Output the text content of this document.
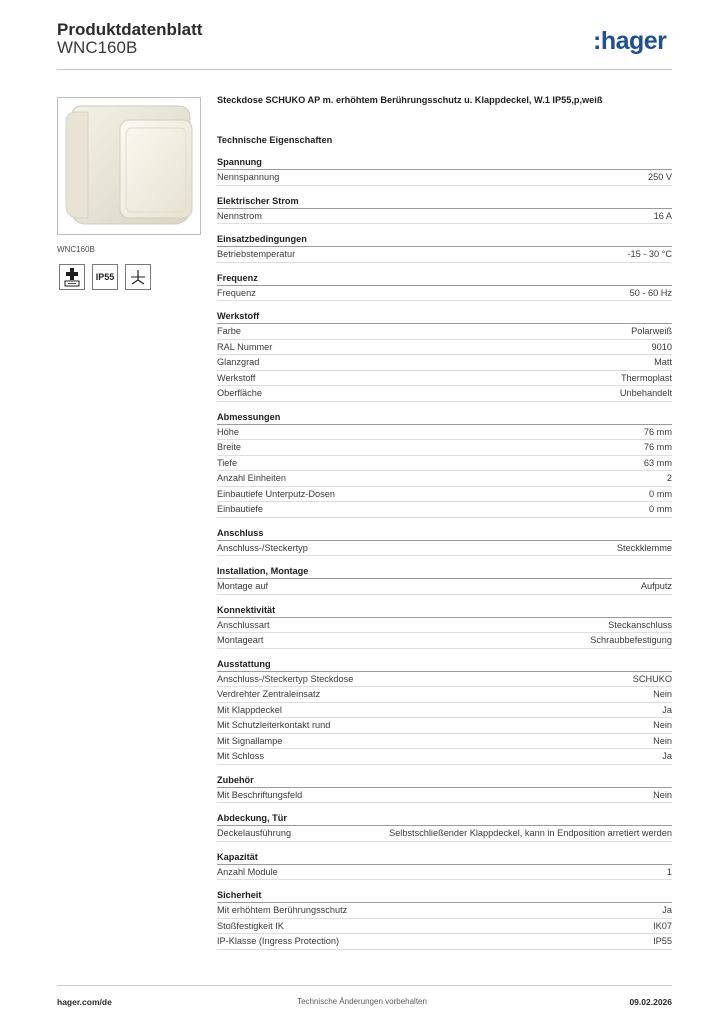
Produktdatenblatt
WNC160B	:hager
WNC160B
IP55
Steckdose SCHUKO AP m. erhöhtem Berührungsschutz u. Klappdeckel, W.1 IP55,p,weiß
Technische Eigenschaften
Spannung
Nennspannung	250 V
Elektrischer Strom
Nennstrom	16 A
Einsatzbedingungen
Betriebstemperatur	-15 - 30 °C
Frequenz
Frequenz	50 - 60 Hz
Werkstoff
Farbe	Polarweiß
RAL Nummer	9010
Glanzgrad	Matt
Werkstoff	Thermoplast
Oberfläche	Unbehandelt
Abmessungen
Höhe	76 mm
Breite	76 mm
Tiefe	63 mm
Anzahl Einheiten	2
Einbautiefe Unterputz-Dosen	0 mm
Einbautiefe	0 mm
Anschluss
Anschluss-/Steckertyp	Steckklemme
Installation, Montage
Montage auf	Aufputz
Konnektivität
Anschlussart	Steckanschluss
Montageart	Schraubbefestigung
Ausstattung
Anschluss-/Steckertyp Steckdose	SCHUKO
Verdrehter Zentraleinsatz	Nein
Mit Klappdeckel	Ja
Mit Schutzleiterkontakt rund	Nein
Mit Signallampe	Nein
Mit Schloss	Ja
Zubehör
Mit Beschriftungsfeld	Nein
Abdeckung, Tür
Deckelausführung	Selbstschließender Klappdeckel, kann in Endposition arretiert werden
Kapazität
Anzahl Module	1
Sicherheit
Mit erhöhtem Berührungsschutz	Ja
Stoßfestigkeit IK	IK07
IP-Klasse (Ingress Protection)	IP55
hager.com/de	Technische Änderungen vorbehalten	09.02.2026
